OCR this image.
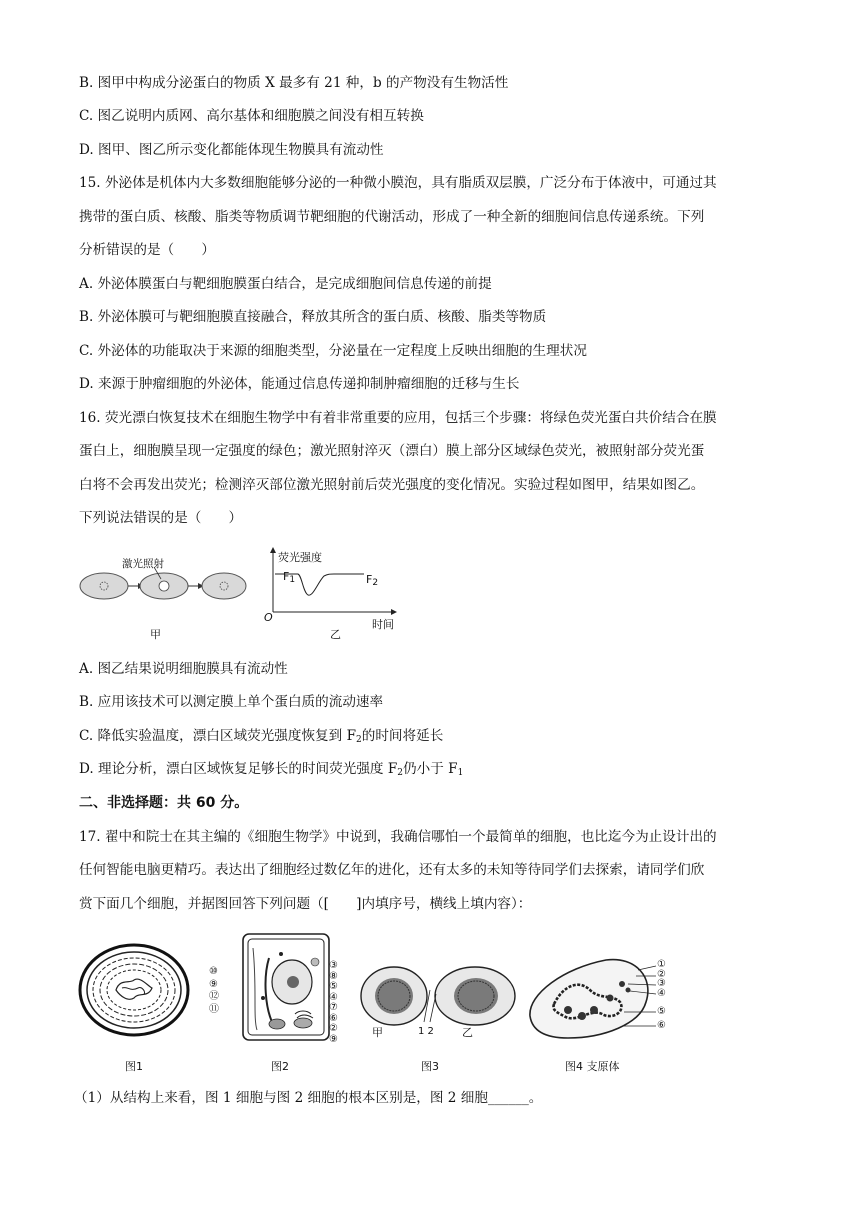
B. 图甲中构成分泌蛋白的物质 X 最多有 21 种，b 的产物没有生物活性
C. 图乙说明内质网、高尔基体和细胞膜之间没有相互转换
D. 图甲、图乙所示变化都能体现生物膜具有流动性
15. 外泌体是机体内大多数细胞能够分泌的一种微小膜泡，具有脂质双层膜，广泛分布于体液中，可通过其
携带的蛋白质、核酸、脂类等物质调节靶细胞的代谢活动，形成了一种全新的细胞间信息传递系统。下列
分析错误的是（　　）
A. 外泌体膜蛋白与靶细胞膜蛋白结合，是完成细胞间信息传递的前提
B. 外泌体膜可与靶细胞膜直接融合，释放其所含的蛋白质、核酸、脂类等物质
C. 外泌体的功能取决于来源的细胞类型，分泌量在一定程度上反映出细胞的生理状况
D. 来源于肿瘤细胞的外泌体，能通过信息传递抑制肿瘤细胞的迁移与生长
16. 荧光漂白恢复技术在细胞生物学中有着非常重要的应用，包括三个步骤：将绿色荧光蛋白共价结合在膜
蛋白上，细胞膜呈现一定强度的绿色；激光照射淬灭（漂白）膜上部分区域绿色荧光，被照射部分荧光蛋
白将不会再发出荧光；检测淬灭部位激光照射前后荧光强度的变化情况。实验过程如图甲，结果如图乙。
下列说法错误的是（　　）
激光照射
甲
荧光强度
$F_1$	$F_2$
O
时间
乙
A. 图乙结果说明细胞膜具有流动性
B. 应用该技术可以测定膜上单个蛋白质的流动速率
C. 降低实验温度，漂白区域荧光强度恢复到 $F_2$的时间将延长
D. 理论分析，漂白区域恢复足够长的时间荧光强度 $F_2$仍小于 $F_1$
二、非选择题：共 60 分。
17. 翟中和院士在其主编的《细胞生物学》中说到，我确信哪怕一个最简单的细胞，也比迄今为止设计出的
任何智能电脑更精巧。表达出了细胞经过数亿年的进化，还有太多的未知等待同学们去探索，请同学们欣
赏下面几个细胞，并据图回答下列问题（[　　]内填序号，横线上填内容）：
图1
⑩
⑨
⑫
⑪
③
⑧
⑤
④
⑦
⑥
②
⑨
图2
甲	1 2	乙
图3
①
②
③
④
⑤
⑥
图4 支原体
（1）从结构上来看，图 1 细胞与图 2 细胞的根本区别是，图 2 细胞______。
